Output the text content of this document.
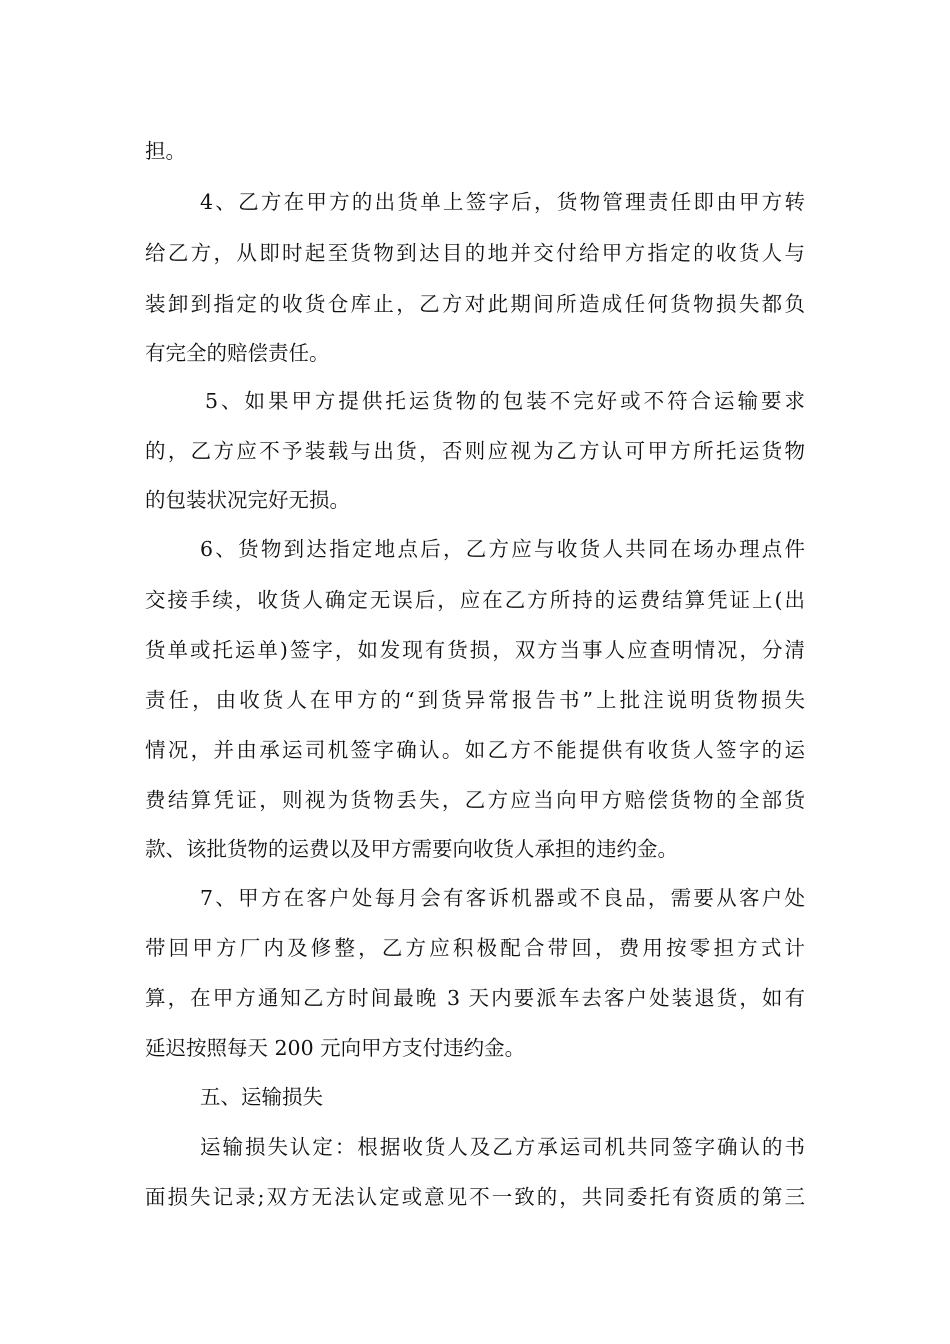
担。
4、乙方在甲方的出货单上签字后，货物管理责任即由甲方转
给乙方，从即时起至货物到达目的地并交付给甲方指定的收货人与
装卸到指定的收货仓库止，乙方对此期间所造成任何货物损失都负
有完全的赔偿责任。
5、如果甲方提供托运货物的包装不完好或不符合运输要求
的，乙方应不予装载与出货，否则应视为乙方认可甲方所托运货物
的包装状况完好无损。
6、货物到达指定地点后，乙方应与收货人共同在场办理点件
交接手续，收货人确定无误后，应在乙方所持的运费结算凭证上(出
货单或托运单)签字，如发现有货损，双方当事人应查明情况，分清
责任，由收货人在甲方的“到货异常报告书”上批注说明货物损失
情况，并由承运司机签字确认。如乙方不能提供有收货人签字的运
费结算凭证，则视为货物丢失，乙方应当向甲方赔偿货物的全部货
款、该批货物的运费以及甲方需要向收货人承担的违约金。
7、甲方在客户处每月会有客诉机器或不良品，需要从客户处
带回甲方厂内及修整，乙方应积极配合带回，费用按零担方式计
算，在甲方通知乙方时间最晚 3 天内要派车去客户处装退货，如有
延迟按照每天 200 元向甲方支付违约金。
五、运输损失
运输损失认定：根据收货人及乙方承运司机共同签字确认的书
面损失记录;双方无法认定或意见不一致的，共同委托有资质的第三
